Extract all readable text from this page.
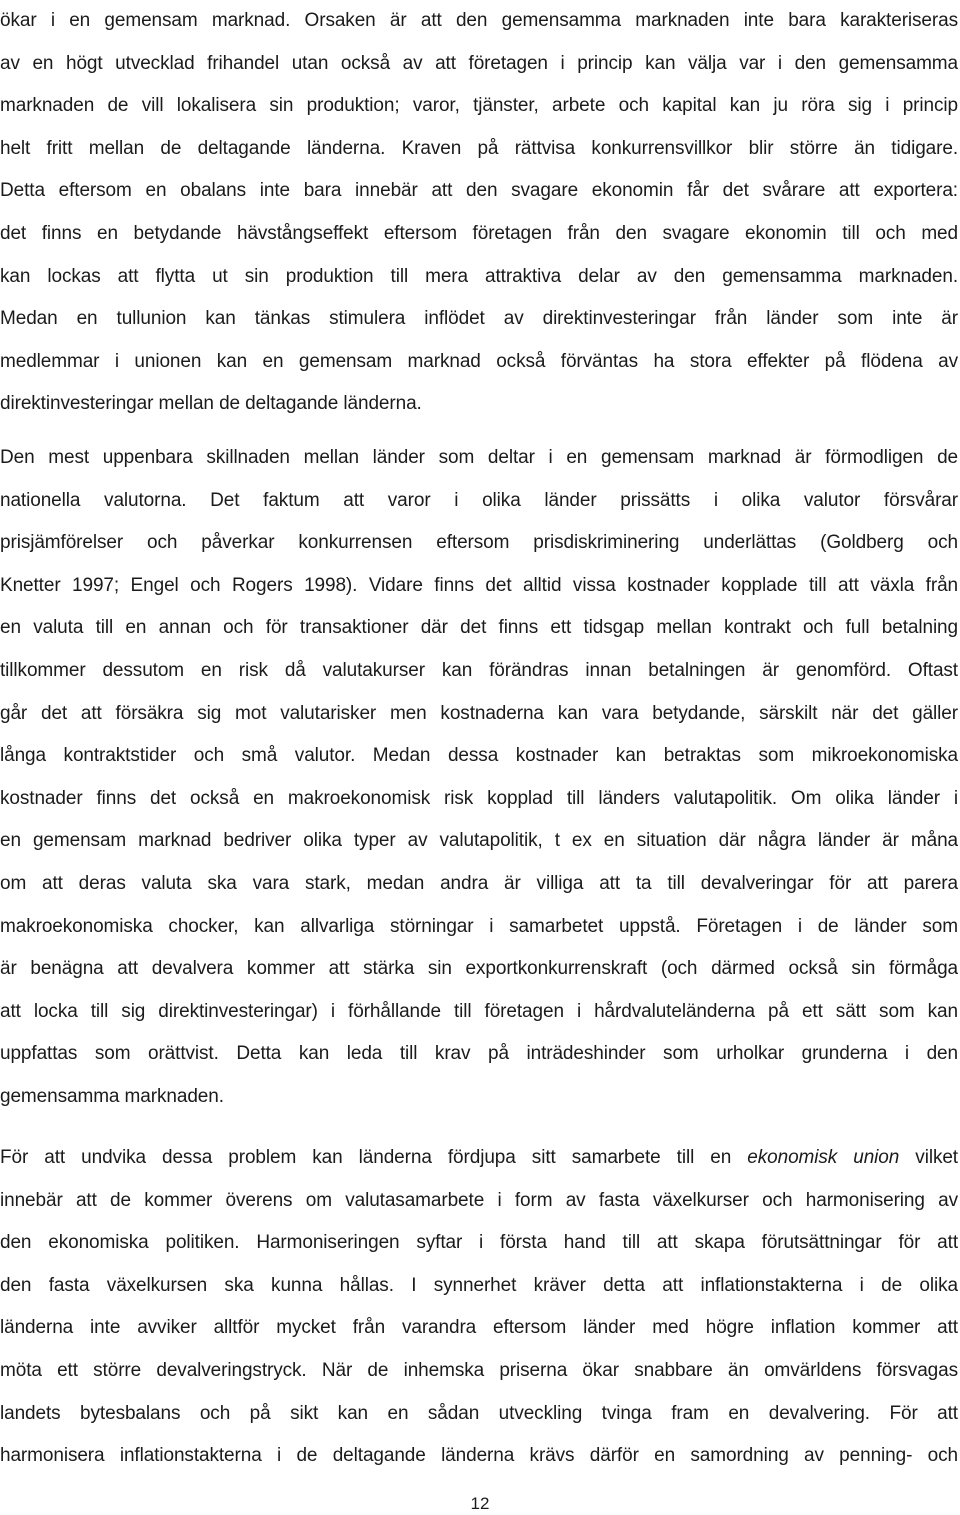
ökar i en gemensam marknad. Orsaken är att den gemensamma marknaden inte bara karakteriseras
av en högt utvecklad frihandel utan också av att företagen i princip kan välja var i den gemensamma
marknaden de vill lokalisera sin produktion; varor, tjänster, arbete och kapital kan ju röra sig i princip
helt fritt mellan de deltagande länderna. Kraven på rättvisa konkurrensvillkor blir större än tidigare.
Detta eftersom en obalans inte bara innebär att den svagare ekonomin får det svårare att exportera:
det finns en betydande hävstångseffekt eftersom företagen från den svagare ekonomin till och med
kan lockas att flytta ut sin produktion till mera attraktiva delar av den gemensamma marknaden.
Medan en tullunion kan tänkas stimulera inflödet av direktinvesteringar från länder som inte är
medlemmar i unionen kan en gemensam marknad också förväntas ha stora effekter på flödena av
direktinvesteringar mellan de deltagande länderna.

Den mest uppenbara skillnaden mellan länder som deltar i en gemensam marknad är förmodligen de
nationella valutorna. Det faktum att varor i olika länder prissätts i olika valutor försvårar
prisjämförelser och påverkar konkurrensen eftersom prisdiskriminering underlättas (Goldberg och
Knetter 1997; Engel och Rogers 1998). Vidare finns det alltid vissa kostnader kopplade till att växla från
en valuta till en annan och för transaktioner där det finns ett tidsgap mellan kontrakt och full betalning
tillkommer dessutom en risk då valutakurser kan förändras innan betalningen är genomförd. Oftast
går det att försäkra sig mot valutarisker men kostnaderna kan vara betydande, särskilt när det gäller
långa kontraktstider och små valutor. Medan dessa kostnader kan betraktas som mikroekonomiska
kostnader finns det också en makroekonomisk risk kopplad till länders valutapolitik. Om olika länder i
en gemensam marknad bedriver olika typer av valutapolitik, t ex en situation där några länder är måna
om att deras valuta ska vara stark, medan andra är villiga att ta till devalveringar för att parera
makroekonomiska chocker, kan allvarliga störningar i samarbetet uppstå. Företagen i de länder som
är benägna att devalvera kommer att stärka sin exportkonkurrenskraft (och därmed också sin förmåga
att locka till sig direktinvesteringar) i förhållande till företagen i hårdvaluteländerna på ett sätt som kan
uppfattas som orättvist. Detta kan leda till krav på inträdeshinder som urholkar grunderna i den
gemensamma marknaden.

För att undvika dessa problem kan länderna fördjupa sitt samarbete till en ekonomisk union vilket
innebär att de kommer överens om valutasamarbete i form av fasta växelkurser och harmonisering av
den ekonomiska politiken. Harmoniseringen syftar i första hand till att skapa förutsättningar för att
den fasta växelkursen ska kunna hållas. I synnerhet kräver detta att inflationstakterna i de olika
länderna inte avviker alltför mycket från varandra eftersom länder med högre inflation kommer att
möta ett större devalveringstryck. När de inhemska priserna ökar snabbare än omvärldens försvagas
landets bytesbalans och på sikt kan en sådan utveckling tvinga fram en devalvering. För att
harmonisera inflationstakterna i de deltagande länderna krävs därför en samordning av penning- och

12
